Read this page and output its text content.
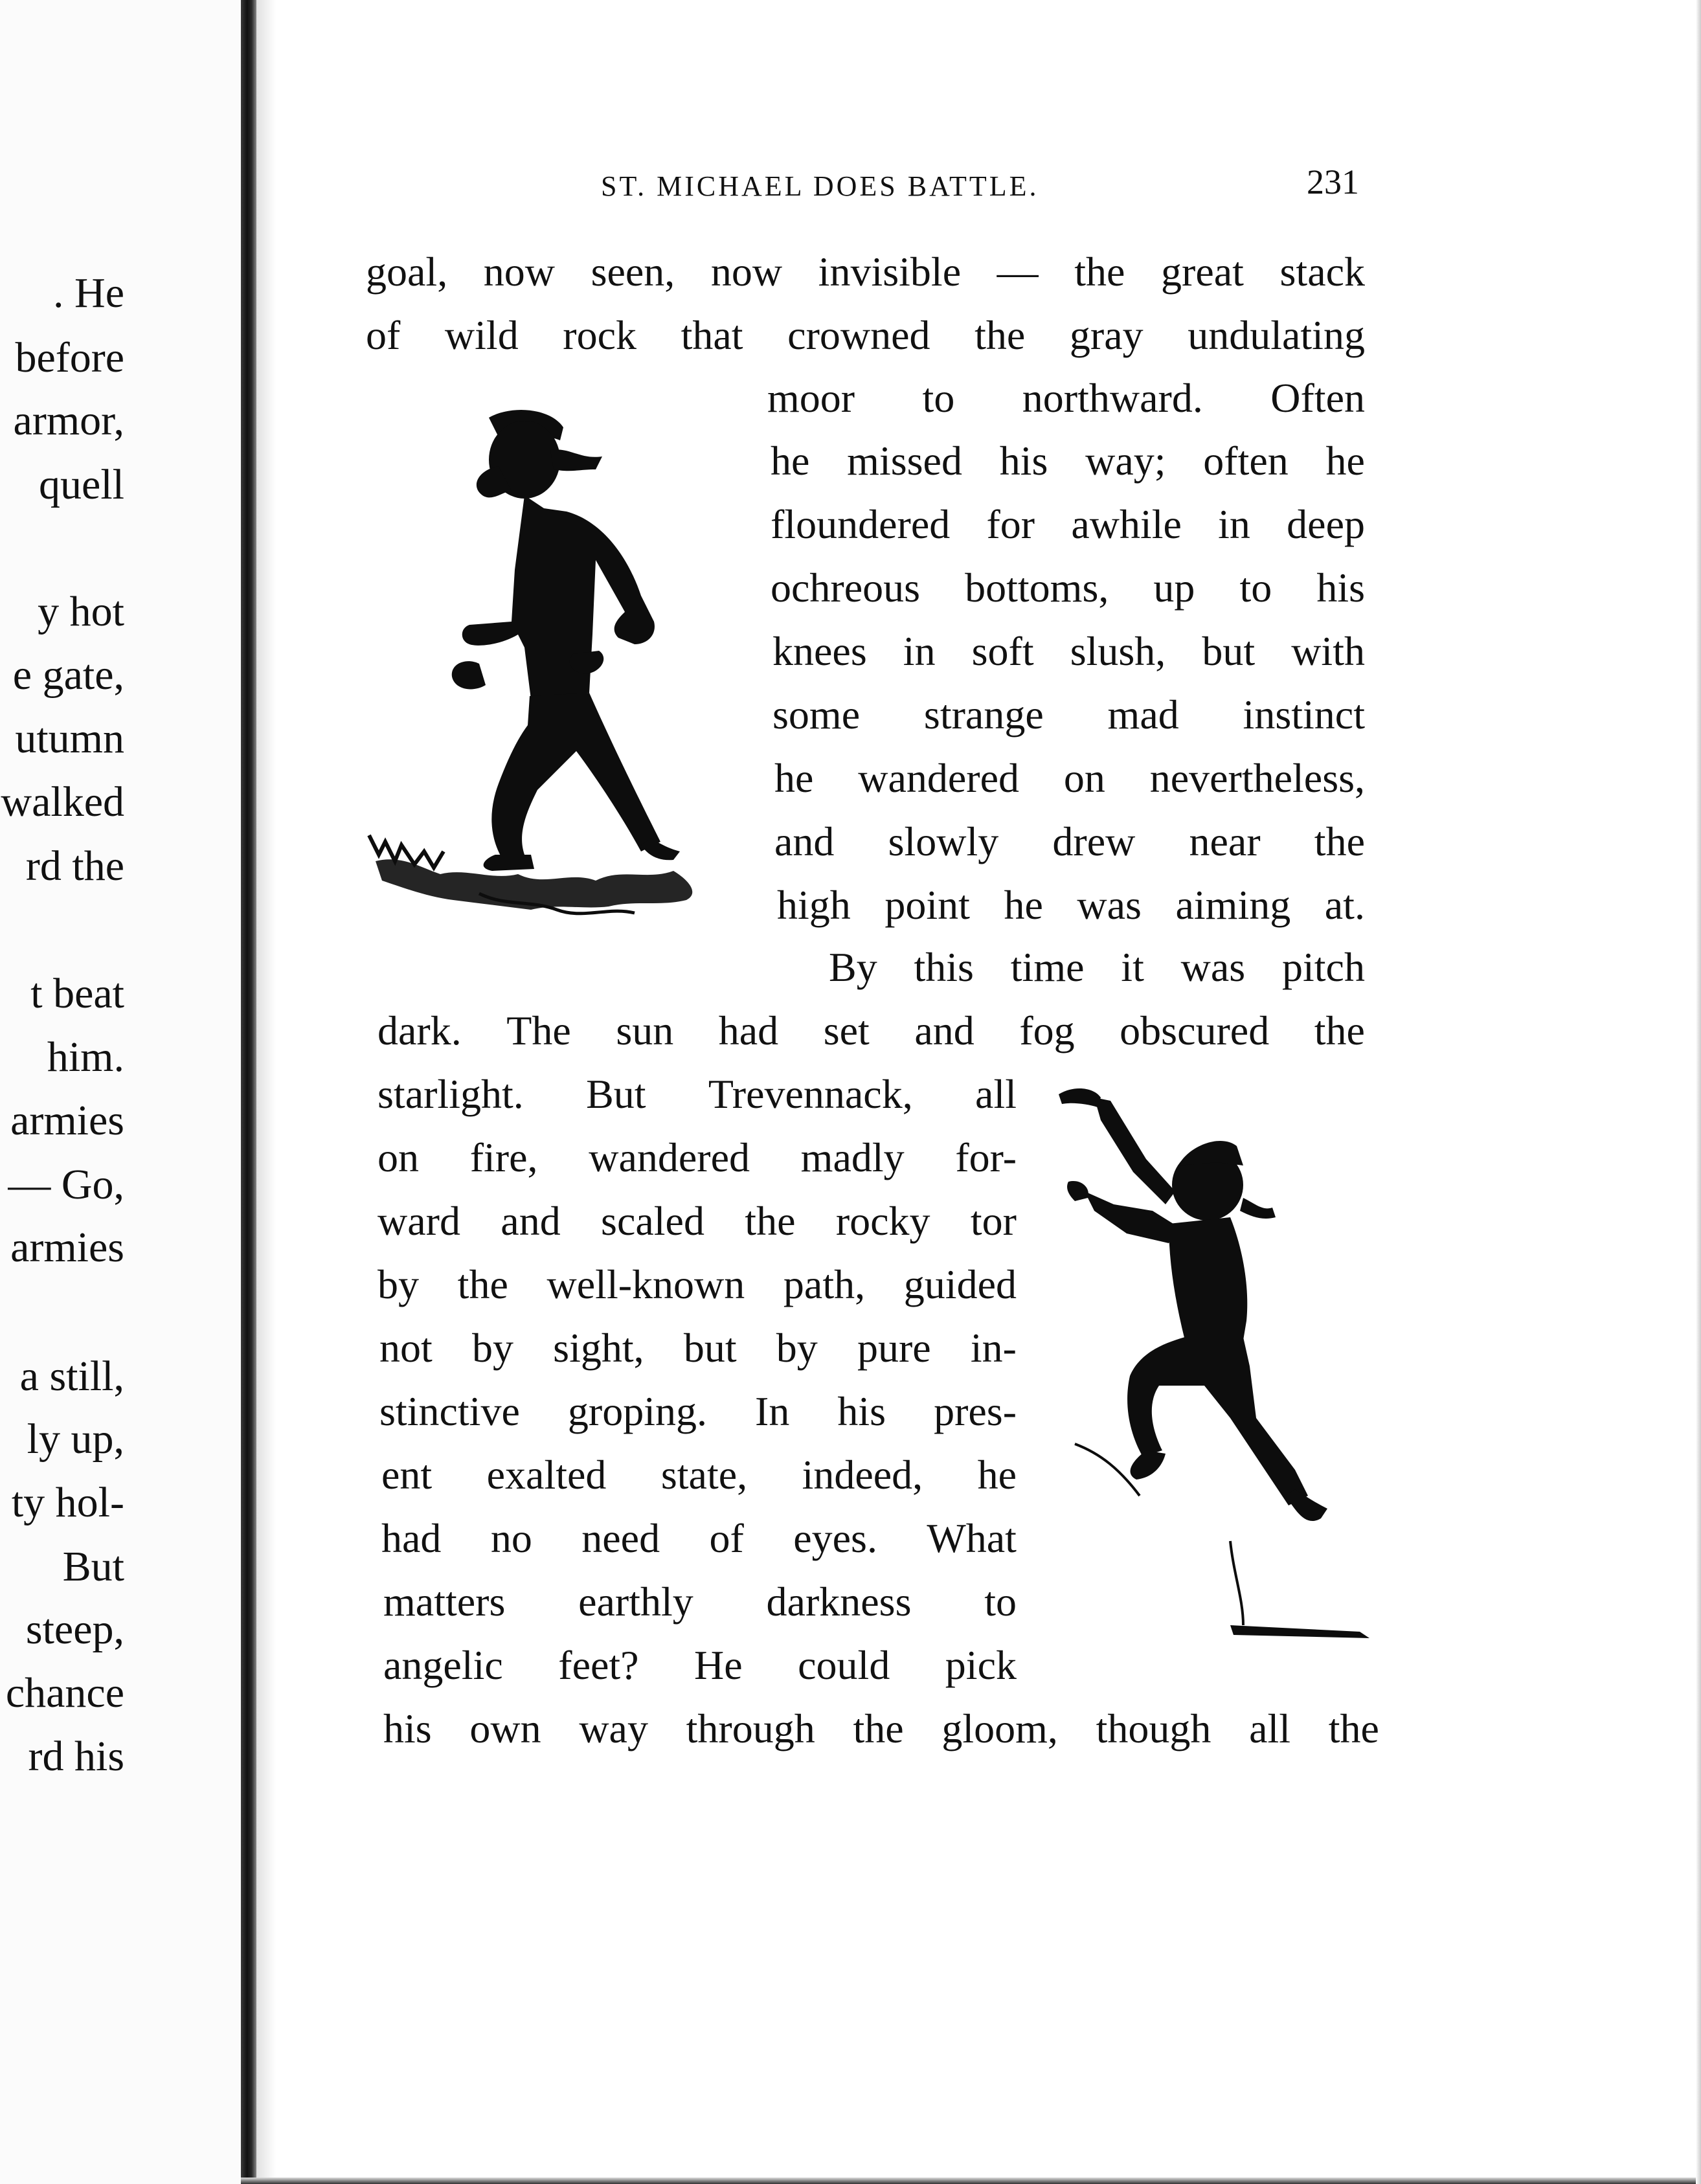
. He
before
armor,
quell
y hot
e gate,
utumn
walked
rd the
t beat
him.
armies
— Go,
armies
a still,
ly up,
ty hol-
But
steep,
chance
rd his
ST. MICHAEL DOES BATTLE.	231
goal, now seen, now invisible — the great stack
of wild rock that crowned the gray undulating
moor to northward. Often
he missed his way; often he
floundered for awhile in deep
ochreous bottoms, up to his
knees in soft slush, but with
some strange mad instinct
he wandered on nevertheless,
and slowly drew near the
high point he was aiming at.
By this time it was pitch
dark. The sun had set and fog obscured the
starlight. But Trevennack, all
on fire, wandered madly for-
ward and scaled the rocky tor
by the well-known path, guided
not by sight, but by pure in-
stinctive groping. In his pres-
ent exalted state, indeed, he
had no need of eyes. What
matters earthly darkness to
angelic feet? He could pick
his own way through the gloom, though all the
